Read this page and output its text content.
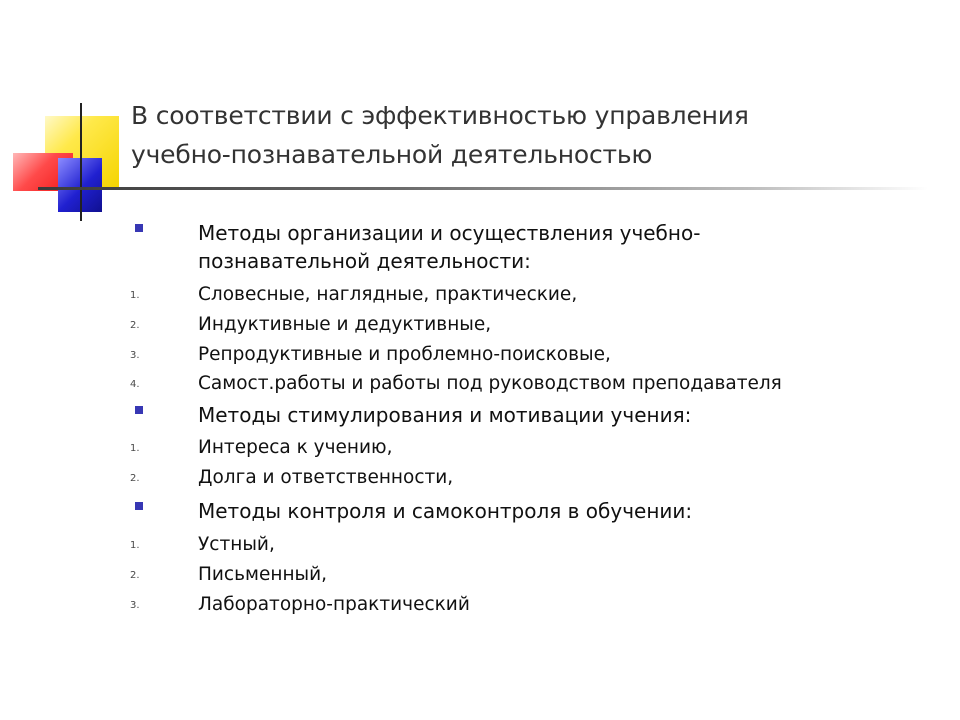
В соответствии с эффективностью управления
учебно-познавательной деятельностью
Методы организации и осуществления учебно-
познавательной деятельности:
1.	Словесные, наглядные, практические,
2.	Индуктивные и дедуктивные,
3.	Репродуктивные и проблемно-поисковые,
4.	Самост.работы и работы под руководством преподавателя
Методы стимулирования и мотивации учения:
1.	Интереса к учению,
2.	Долга и ответственности,
Методы контроля и самоконтроля в обучении:
1.	Устный,
2.	Письменный,
3.	Лабораторно-практический
